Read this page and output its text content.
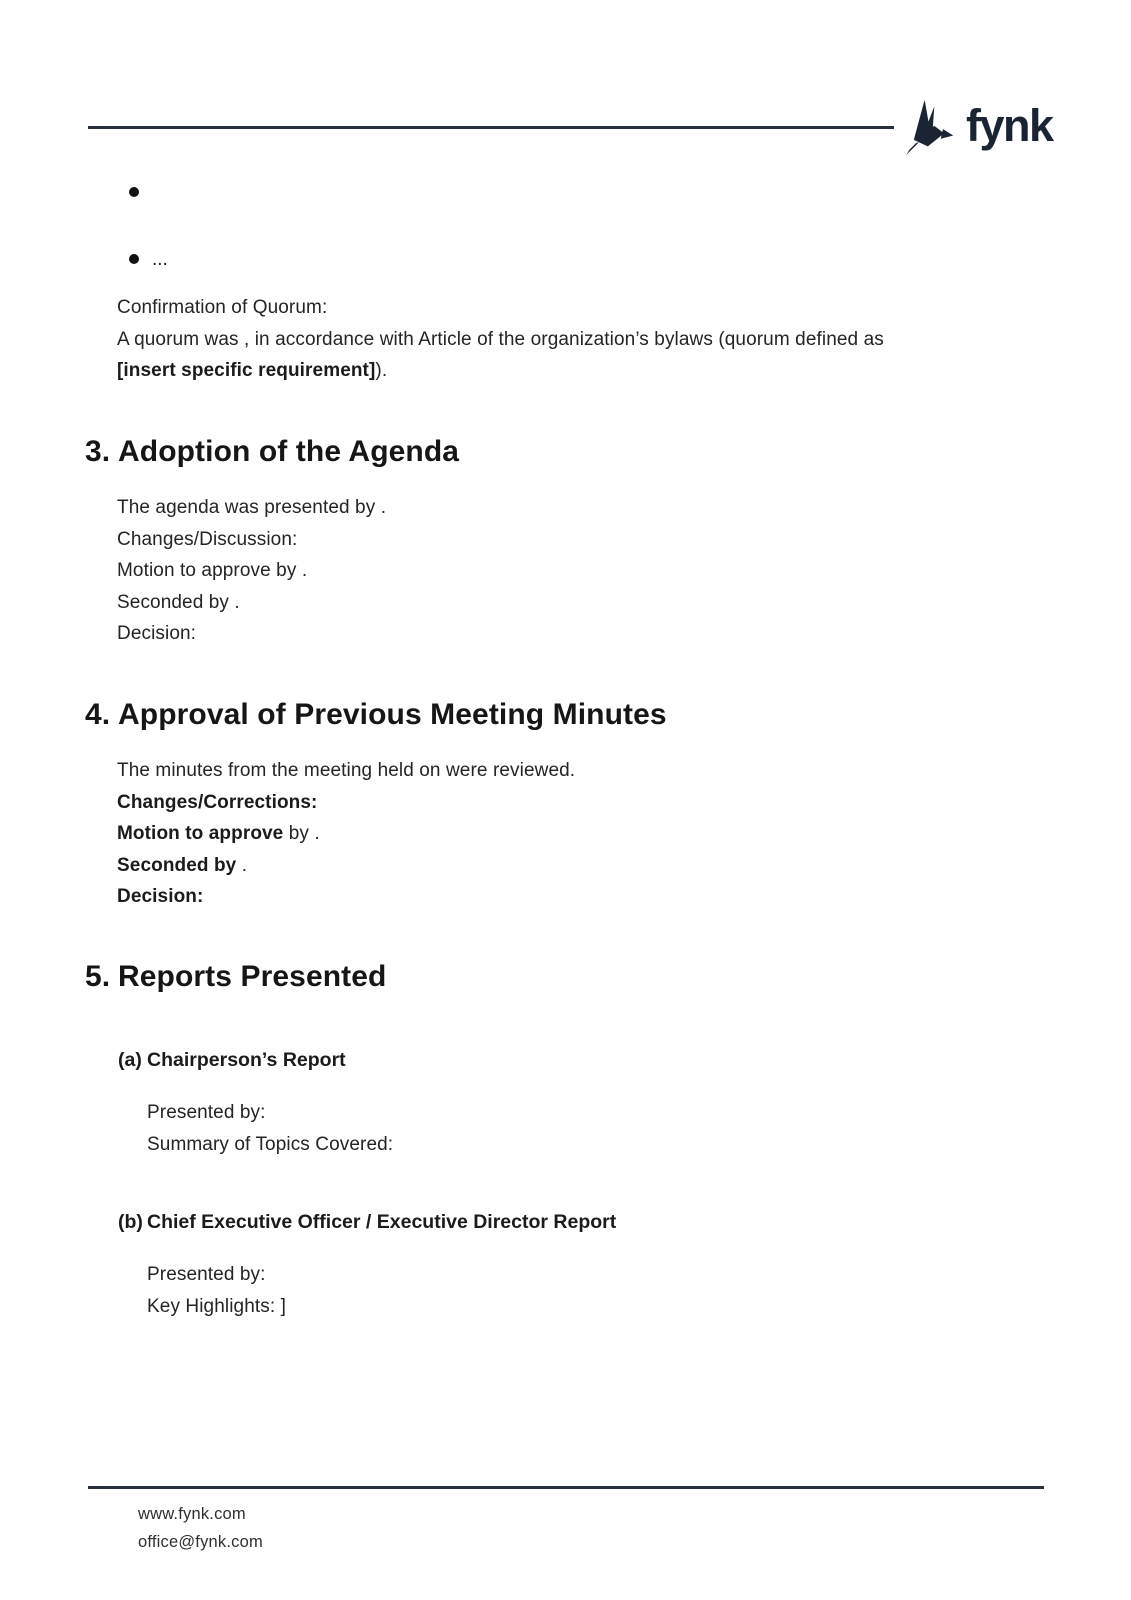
fynk
...
Confirmation of Quorum:
A quorum was , in accordance with Article of the organization’s bylaws (quorum defined as
[insert specific requirement]).
3. Adoption of the Agenda
The agenda was presented by .
Changes/Discussion:
Motion to approve by .
Seconded by .
Decision:
4. Approval of Previous Meeting Minutes
The minutes from the meeting held on were reviewed.
Changes/Corrections:
Motion to approve by .
Seconded by .
Decision:
5. Reports Presented
(a) Chairperson’s Report
Presented by:
Summary of Topics Covered:
(b) Chief Executive Officer / Executive Director Report
Presented by:
Key Highlights: ]
www.fynk.com
office@fynk.com
